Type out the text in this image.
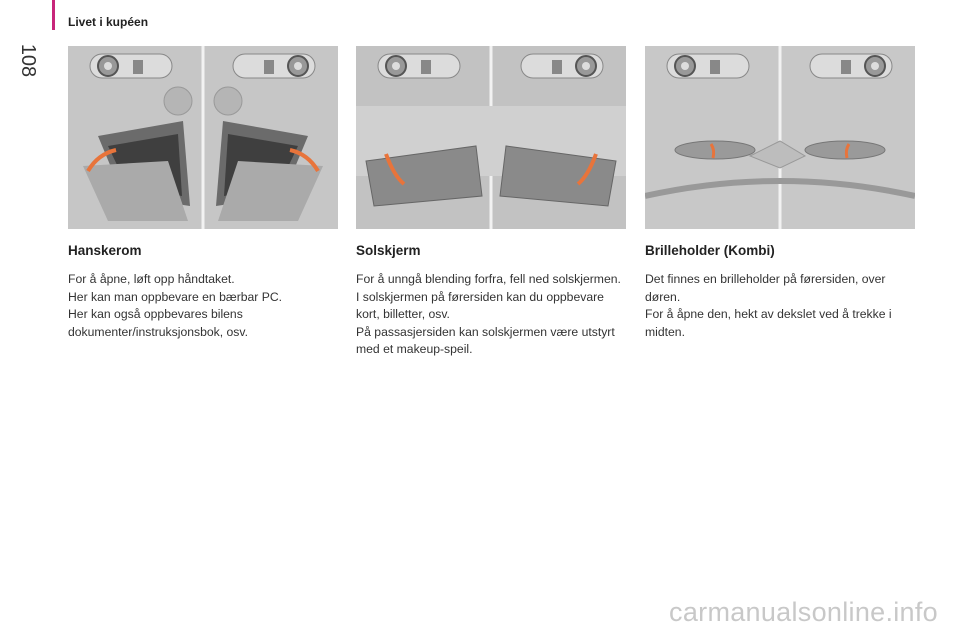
108
Livet i kupéen
Hanskerom
For å åpne, løft opp håndtaket.
Her kan man oppbevare en bærbar PC.
Her kan også oppbevares bilens dokumenter/instruksjonsbok, osv.
Solskjerm
For å unngå blending forfra, fell ned solskjermen.
I solskjermen på førersiden kan du oppbevare kort, billetter, osv.
På passasjersiden kan solskjermen være utstyrt med et makeup-speil.
Brilleholder (Kombi)
Det finnes en brilleholder på førersiden, over døren.
For å åpne den, hekt av dekslet ved å trekke i midten.
carmanualsonline.info
